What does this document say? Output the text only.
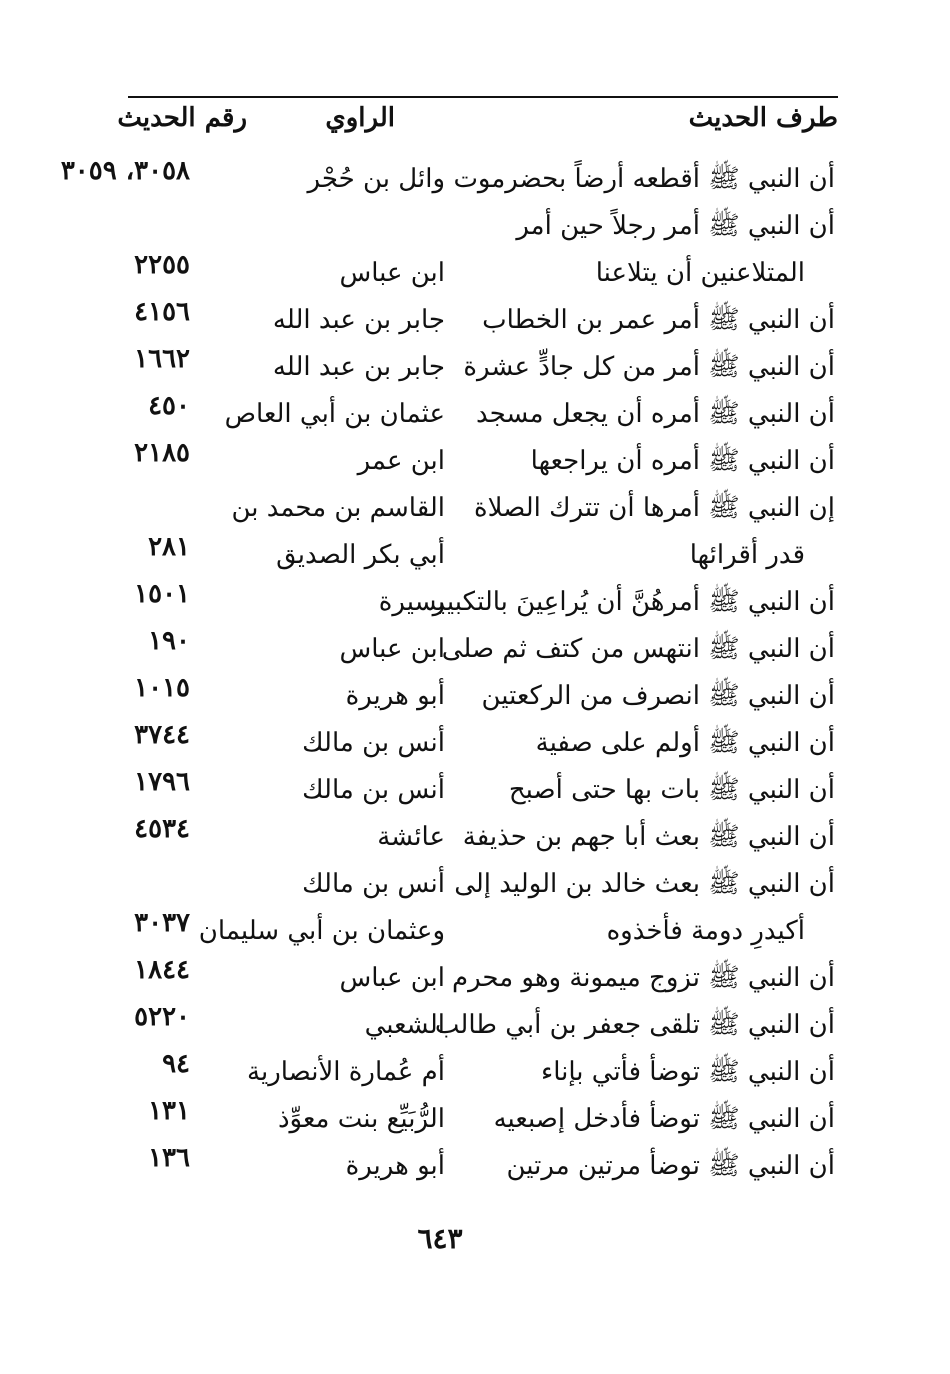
طرف الحديث
الراوي
رقم الحديث
أن النبي ﷺ أقطعه أرضاً بحضرموت
وائل بن حُجْر
٣٠٥٨، ٣٠٥٩
أن النبي ﷺ أمر رجلاً حين أمر
المتلاعنين أن يتلاعنا
ابن عباس
٢٢٥٥
أن النبي ﷺ أمر عمر بن الخطاب
جابر بن عبد الله
٤١٥٦
أن النبي ﷺ أمر من كل جادٍّ عشرة
جابر بن عبد الله
١٦٦٢
أن النبي ﷺ أمره أن يجعل مسجد
عثمان بن أبي العاص
٤٥٠
أن النبي ﷺ أمره أن يراجعها
ابن عمر
٢١٨٥
إن النبي ﷺ أمرها أن تترك الصلاة
القاسم بن محمد بن
قدر أقرائها
أبي بكر الصديق
٢٨١
أن النبي ﷺ أمرهُنَّ أن يُراعِينَ بالتكبير
يسيرة
١٥٠١
أن النبي ﷺ انتهس من كتف ثم صلى
ابن عباس
١٩٠
أن النبي ﷺ انصرف من الركعتين
أبو هريرة
١٠١٥
أن النبي ﷺ أولم على صفية
أنس بن مالك
٣٧٤٤
أن النبي ﷺ بات بها حتى أصبح
أنس بن مالك
١٧٩٦
أن النبي ﷺ بعث أبا جهم بن حذيفة
عائشة
٤٥٣٤
أن النبي ﷺ بعث خالد بن الوليد إلى
أنس بن مالك
أكيدرِ دومة فأخذوه
وعثمان بن أبي سليمان
٣٠٣٧
أن النبي ﷺ تزوج ميمونة وهو محرم
ابن عباس
١٨٤٤
أن النبي ﷺ تلقى جعفر بن أبي طالب
الشعبي
٥٢٢٠
أن النبي ﷺ توضأ فأتي بإناء
أم عُمارة الأنصارية
٩٤
أن النبي ﷺ توضأ فأدخل إصبعيه
الرُّبَيِّع بنت معوِّذ
١٣١
أن النبي ﷺ توضأ مرتين مرتين
أبو هريرة
١٣٦
٦٤٣
